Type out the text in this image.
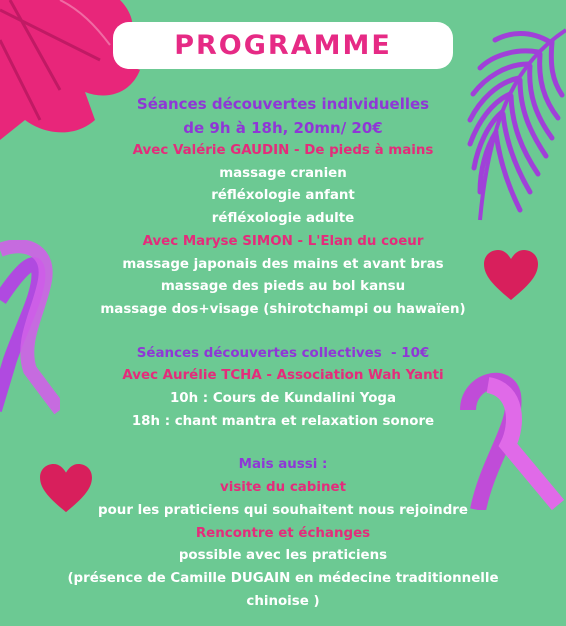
PROGRAMME
Séances découvertes individuelles
de 9h à 18h, 20mn/ 20€
Avec Valérie GAUDIN - De pieds à mains
massage cranien
réfléxologie anfant
réfléxologie adulte
Avec Maryse SIMON - L'Elan du coeur
massage japonais des mains et avant bras
massage des pieds au bol kansu
massage dos+visage (shirotchampi ou hawaïen)
Séances découvertes collectives  - 10€
Avec Aurélie TCHA - Association Wah Yanti
10h : Cours de Kundalini Yoga
18h : chant mantra et relaxation sonore
Mais aussi :
visite du cabinet
pour les praticiens qui souhaitent nous rejoindre
Rencontre et échanges
possible avec les praticiens
(présence de Camille DUGAIN en médecine traditionnelle
chinoise )
